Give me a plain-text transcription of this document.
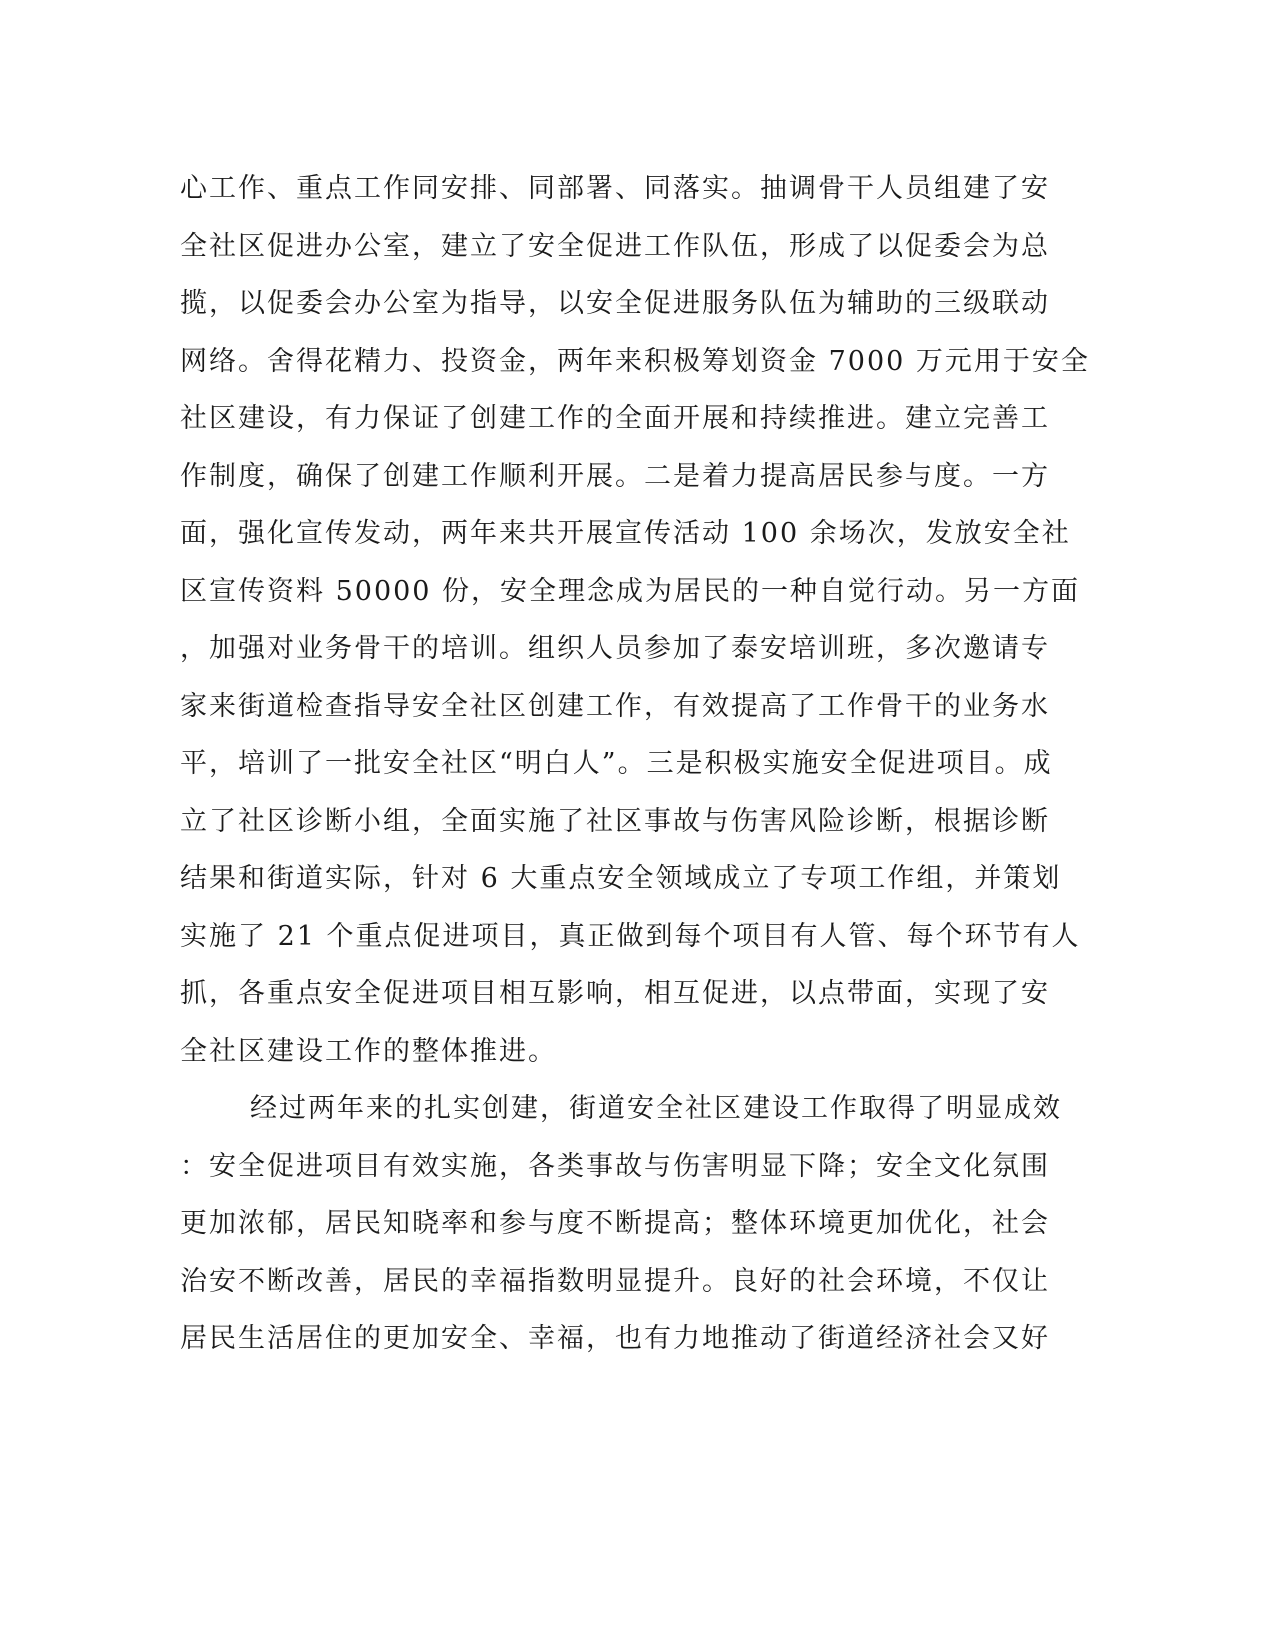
心工作、重点工作同安排、同部署、同落实。抽调骨干人员组建了安
全社区促进办公室，建立了安全促进工作队伍，形成了以促委会为总
揽，以促委会办公室为指导，以安全促进服务队伍为辅助的三级联动
网络。舍得花精力、投资金，两年来积极筹划资金 7000 万元用于安全
社区建设，有力保证了创建工作的全面开展和持续推进。建立完善工
作制度，确保了创建工作顺利开展。二是着力提高居民参与度。一方
面，强化宣传发动，两年来共开展宣传活动 100 余场次，发放安全社
区宣传资料 50000 份，安全理念成为居民的一种自觉行动。另一方面
，加强对业务骨干的培训。组织人员参加了泰安培训班，多次邀请专
家来街道检查指导安全社区创建工作，有效提高了工作骨干的业务水
平，培训了一批安全社区“明白人”。三是积极实施安全促进项目。成
立了社区诊断小组，全面实施了社区事故与伤害风险诊断，根据诊断
结果和街道实际，针对 6 大重点安全领域成立了专项工作组，并策划
实施了 21 个重点促进项目，真正做到每个项目有人管、每个环节有人
抓，各重点安全促进项目相互影响，相互促进，以点带面，实现了安
全社区建设工作的整体推进。
经过两年来的扎实创建，街道安全社区建设工作取得了明显成效
：安全促进项目有效实施，各类事故与伤害明显下降；安全文化氛围
更加浓郁，居民知晓率和参与度不断提高；整体环境更加优化，社会
治安不断改善，居民的幸福指数明显提升。良好的社会环境，不仅让
居民生活居住的更加安全、幸福，也有力地推动了街道经济社会又好
